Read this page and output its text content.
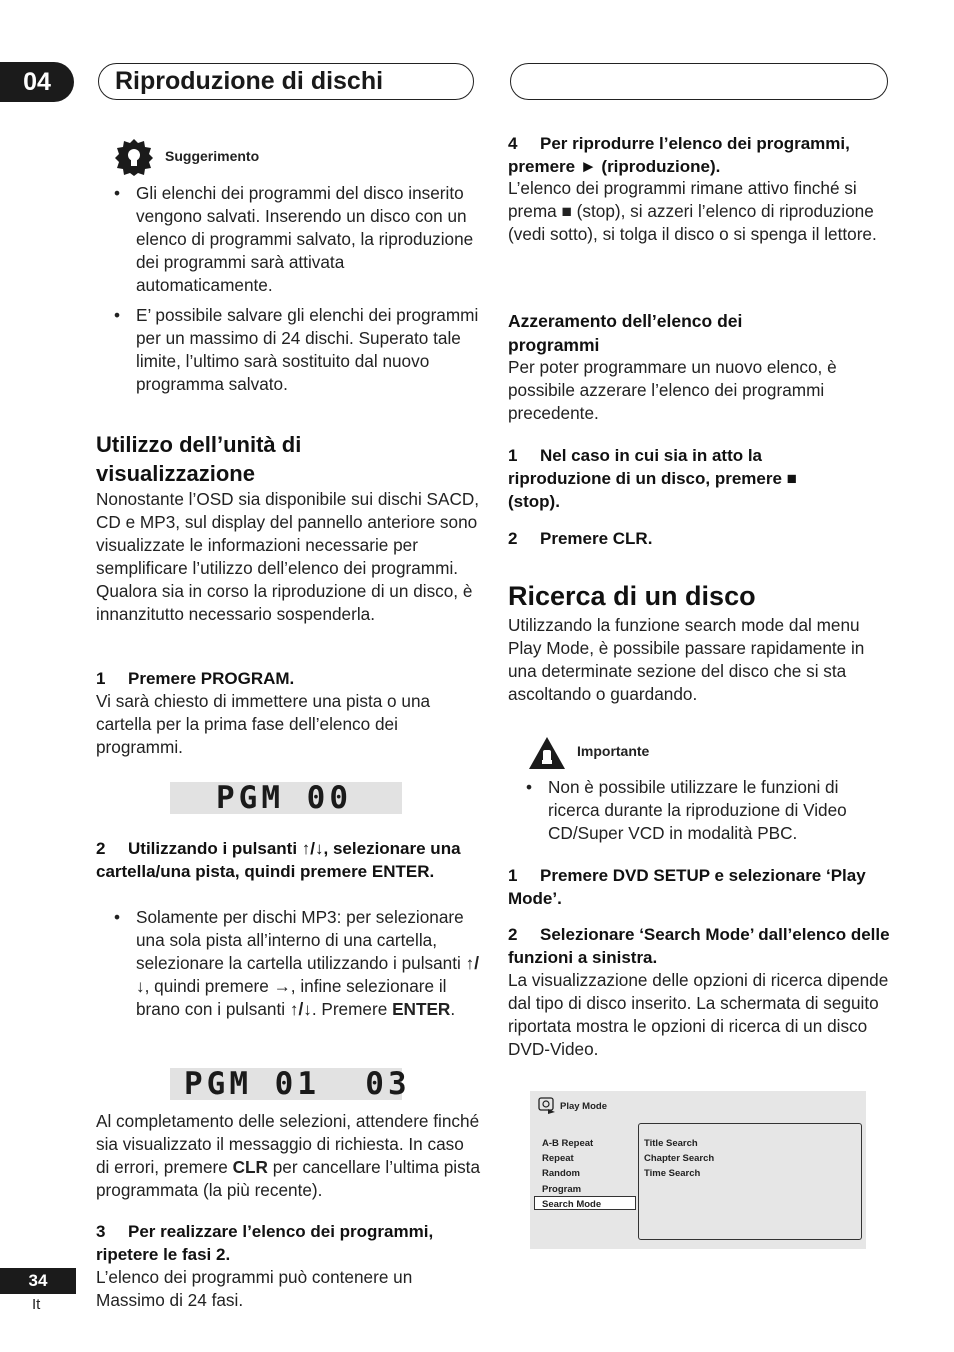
04	Riproduzione di dischi
Suggerimento
• Gli elenchi dei programmi del disco inserito vengono salvati. Inserendo un disco con un elenco di programmi salvato, la riproduzione dei programmi sarà attivata automaticamente.
• E’ possibile salvare gli elenchi dei programmi per un massimo di 24 dischi. Superato tale limite, l’ultimo sarà sostituito dal nuovo programma salvato.
Utilizzo dell’unità di visualizzazione
Nonostante l’OSD sia disponibile sui dischi SACD, CD e MP3, sul display del pannello anteriore sono visualizzate le informazioni necessarie per semplificare l’utilizzo dell’elenco dei programmi. Qualora sia in corso la riproduzione di un disco, è innanzitutto necessario sospenderla.
1 Premere PROGRAM.
Vi sarà chiesto di immettere una pista o una cartella per la prima fase dell’elenco dei programmi.
PGM 00
2 Utilizzando i pulsanti ↑/↓, selezionare una cartella/una pista, quindi premere ENTER.
• Solamente per dischi MP3: per selezionare una sola pista all’interno di una cartella, selezionare la cartella utilizzando i pulsanti ↑/↓, quindi premere →, infine selezionare il brano con i pulsanti ↑/↓. Premere ENTER.
PGM 01  03
Al completamento delle selezioni, attendere finché sia visualizzato il messaggio di richiesta. In caso di errori, premere CLR per cancellare l’ultima pista programmata (la più recente).
3 Per realizzare l’elenco dei programmi, ripetere le fasi 2.
L’elenco dei programmi può contenere un Massimo di 24 fasi.
4 Per riprodurre l’elenco dei programmi, premere ► (riproduzione).
L’elenco dei programmi rimane attivo finché si prema ■ (stop), si azzeri l’elenco di riproduzione (vedi sotto), si tolga il disco o si spenga il lettore.
Azzeramento dell’elenco dei programmi
Per poter programmare un nuovo elenco, è possibile azzerare l’elenco dei programmi precedente.
1 Nel caso in cui sia in atto la riproduzione di un disco, premere ■ (stop).
2 Premere CLR.
Ricerca di un disco
Utilizzando la funzione search mode dal menu Play Mode, è possibile passare rapidamente in una determinate sezione del disco che si sta ascoltando o guardando.
Importante
• Non è possibile utilizzare le funzioni di ricerca durante la riproduzione di Video CD/Super VCD in modalità PBC.
1 Premere DVD SETUP e selezionare ‘Play Mode’.
2 Selezionare ‘Search Mode’ dall’elenco delle funzioni a sinistra.
La visualizzazione delle opzioni di ricerca dipende dal tipo di disco inserito. La schermata di seguito riportata mostra le opzioni di ricerca di un disco DVD-Video.
Play Mode
A-B Repeat
Repeat
Random
Program
Search Mode
Title Search
Chapter Search
Time Search
34
It
